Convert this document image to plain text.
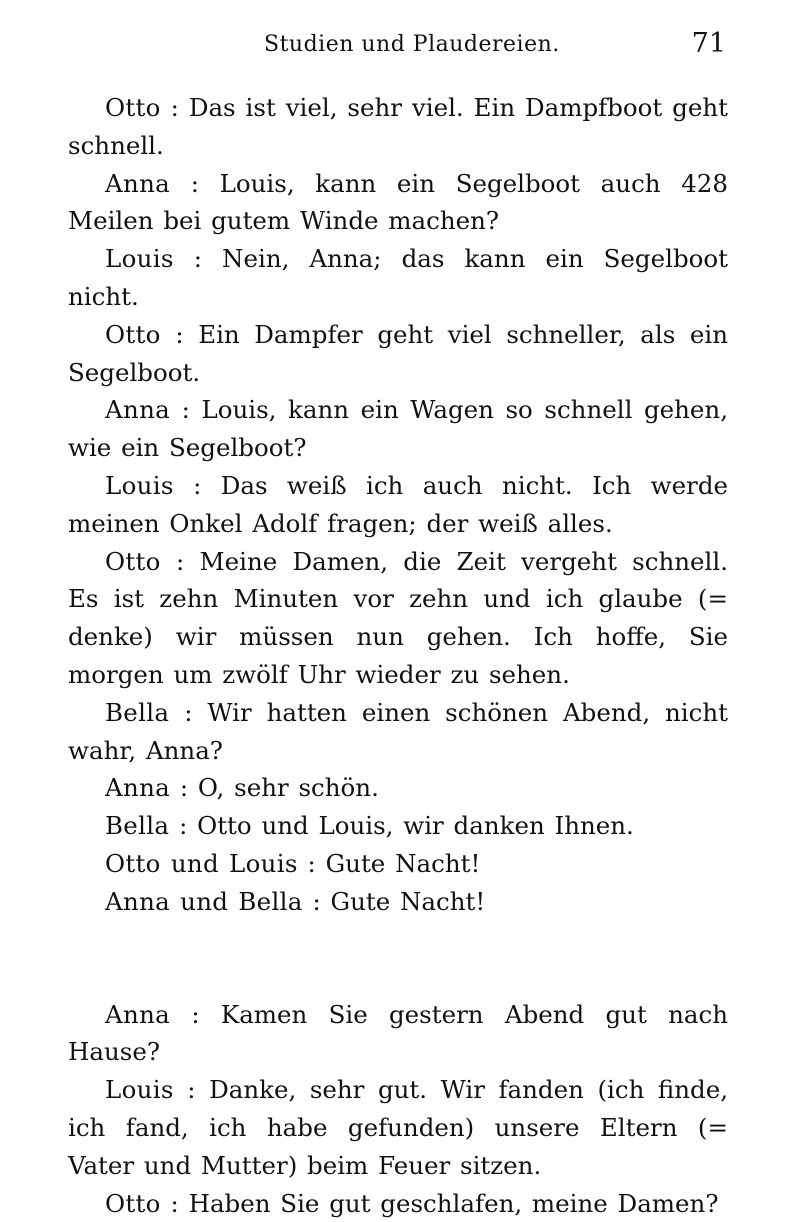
Studien und Plaudereien.	71

Otto : Das ist viel, sehr viel. Ein Dampfboot geht schnell.

Anna : Louis, kann ein Segelboot auch 428 Meilen bei gutem Winde machen?

Louis : Nein, Anna; das kann ein Segelboot nicht.

Otto : Ein Dampfer geht viel schneller, als ein Segelboot.

Anna : Louis, kann ein Wagen so schnell gehen, wie ein Segelboot?

Louis : Das weiß ich auch nicht. Ich werde meinen Onkel Adolf fragen; der weiß alles.

Otto : Meine Damen, die Zeit vergeht schnell. Es ist zehn Minuten vor zehn und ich glaube (= denke) wir müssen nun gehen. Ich hoffe, Sie morgen um zwölf Uhr wieder zu sehen.

Bella : Wir hatten einen schönen Abend, nicht wahr, Anna?

Anna : O, sehr schön.

Bella : Otto und Louis, wir danken Ihnen.

Otto und Louis : Gute Nacht!

Anna und Bella : Gute Nacht!

Anna : Kamen Sie gestern Abend gut nach Hause?

Louis : Danke, sehr gut. Wir fanden (ich finde, ich fand, ich habe gefunden) unsere Eltern (= Vater und Mutter) beim Feuer sitzen.

Otto : Haben Sie gut geschlafen, meine Damen?
